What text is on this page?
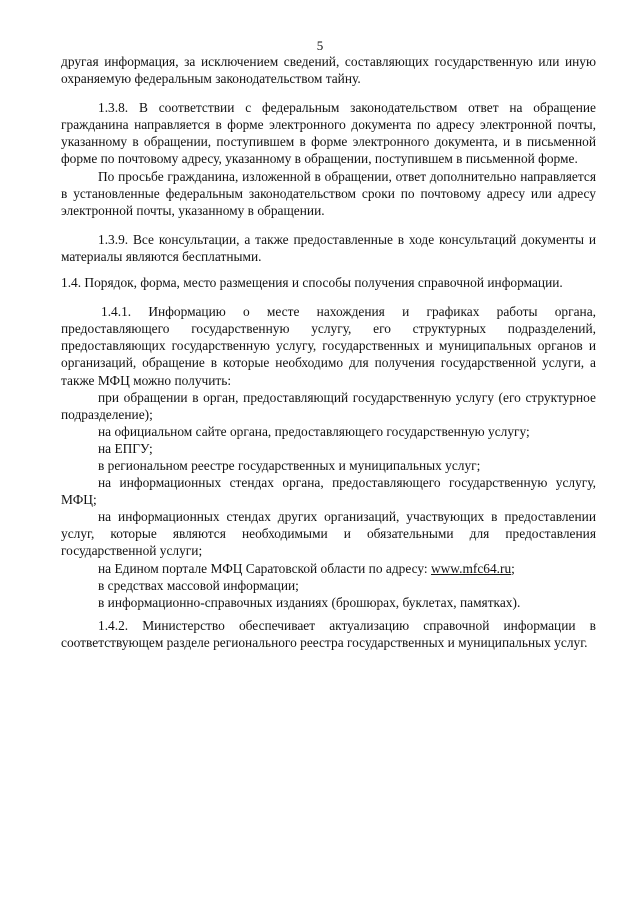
5

другая информация, за исключением сведений, составляющих государственную или иную охраняемую федеральным законодательством тайну.

1.3.8. В соответствии с федеральным законодательством ответ на обращение гражданина направляется в форме электронного документа по адресу электронной почты, указанному в обращении, поступившем в форме электронного документа, и в письменной форме по почтовому адресу, указанному в обращении, поступившем в письменной форме.

По просьбе гражданина, изложенной в обращении, ответ дополнительно направляется в установленные федеральным законодательством сроки по почтовому адресу или адресу электронной почты, указанному в обращении.

1.3.9. Все консультации, а также предоставленные в ходе консультаций документы и материалы являются бесплатными.

1.4. Порядок, форма, место размещения и способы получения справочной информации.

1.4.1. Информацию о месте нахождения и графиках работы органа, предоставляющего государственную услугу, его структурных подразделений, предоставляющих государственную услугу, государственных и муниципальных органов и организаций, обращение в которые необходимо для получения государственной услуги, а также МФЦ можно получить:

при обращении в орган, предоставляющий государственную услугу (его структурное подразделение);

на официальном сайте органа, предоставляющего государственную услугу;

на ЕПГУ;

в региональном реестре государственных и муниципальных услуг;

на информационных стендах органа, предоставляющего государственную услугу, МФЦ;

на информационных стендах других организаций, участвующих в предоставлении услуг, которые являются необходимыми и обязательными для предоставления государственной услуги;

на Едином портале МФЦ Саратовской области по адресу: www.mfc64.ru;

в средствах массовой информации;

в информационно-справочных изданиях (брошюрах, буклетах, памятках).

1.4.2. Министерство обеспечивает актуализацию справочной информации в соответствующем разделе регионального реестра государственных и муниципальных услуг.
